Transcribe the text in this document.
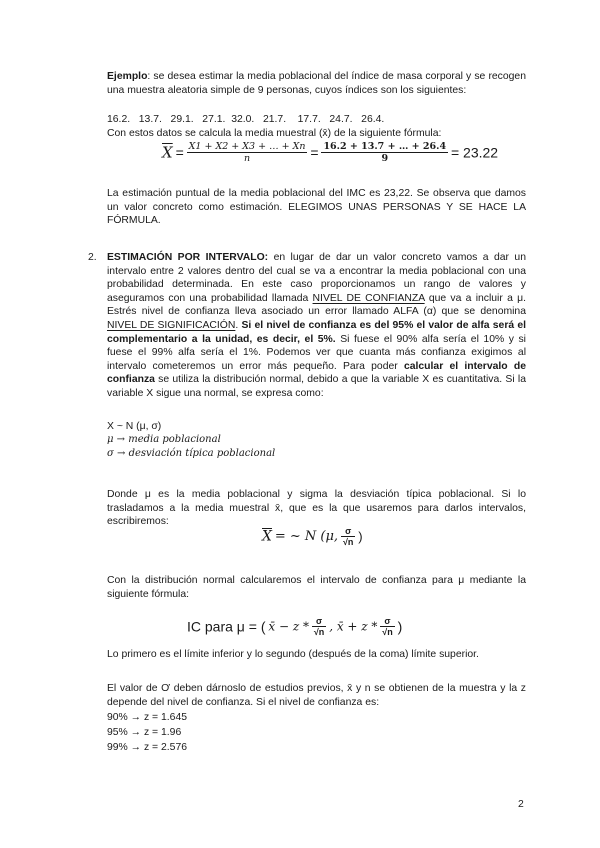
Ejemplo: se desea estimar la media poblacional del índice de masa corporal y se recogen una muestra aleatoria simple de 9 personas, cuyos índices son los siguientes:
16.2.   13.7.   29.1.   27.1.  32.0.   21.7.    17.7.   24.7.   26.4.
Con estos datos se calcula la media muestral (x̄) de la siguiente fórmula:
$\overline{X} = \frac{X1 + X2 + X3 + \dots + Xn}{n} = \frac{16.2 + 13.7 + \dots + 26.4}{9} = 23.22$
La estimación puntual de la media poblacional del IMC es 23,22. Se observa que damos un valor concreto como estimación. ELEGIMOS UNAS PERSONAS Y SE HACE LA FÓRMULA.
2. ESTIMACIÓN POR INTERVALO: en lugar de dar un valor concreto vamos a dar un intervalo entre 2 valores dentro del cual se va a encontrar la media poblacional con una probabilidad determinada. En este caso proporcionamos un rango de valores y aseguramos con una probabilidad llamada NIVEL DE CONFIANZA que va a incluir a μ. Estrés nivel de confianza lleva asociado un error llamado ALFA (α) que se denomina NIVEL DE SIGNIFICACIÓN. Si el nivel de confianza es del 95% el valor de alfa será el complementario a la unidad, es decir, el 5%. Si fuese el 90% alfa sería el 10% y si fuese el 99% alfa sería el 1%. Podemos ver que cuanta más confianza exigimos al intervalo cometeremos un error más pequeño. Para poder calcular el intervalo de confianza se utiliza la distribución normal, debido a que la variable X es cuantitativa. Si la variable X sigue una normal, se expresa como:
X ~ N (μ, σ)
μ → media poblacional
σ → desviación típica poblacional
Donde μ es la media poblacional y sigma la desviación típica poblacional. Si lo trasladamos a la media muestral x̄, que es la que usaremos para darlos intervalos, escribiremos:
$\overline{X}$ = ~ N (μ, $\frac{\sigma}{√n}$ )
Con la distribución normal calcularemos el intervalo de confianza para μ mediante la siguiente fórmula:
IC para μ = ( x̄ − z * $\frac{\sigma}{√n}$ , x̄ + z * $\frac{\sigma}{√n}$ )
Lo primero es el límite inferior y lo segundo (después de la coma) límite superior.
El valor de Ơ deben dárnoslo de estudios previos, x̄ y n se obtienen de la muestra y la z depende del nivel de confianza. Si el nivel de confianza es:
90% → z = 1.645
95% → z = 1.96
99% → z = 2.576
2
